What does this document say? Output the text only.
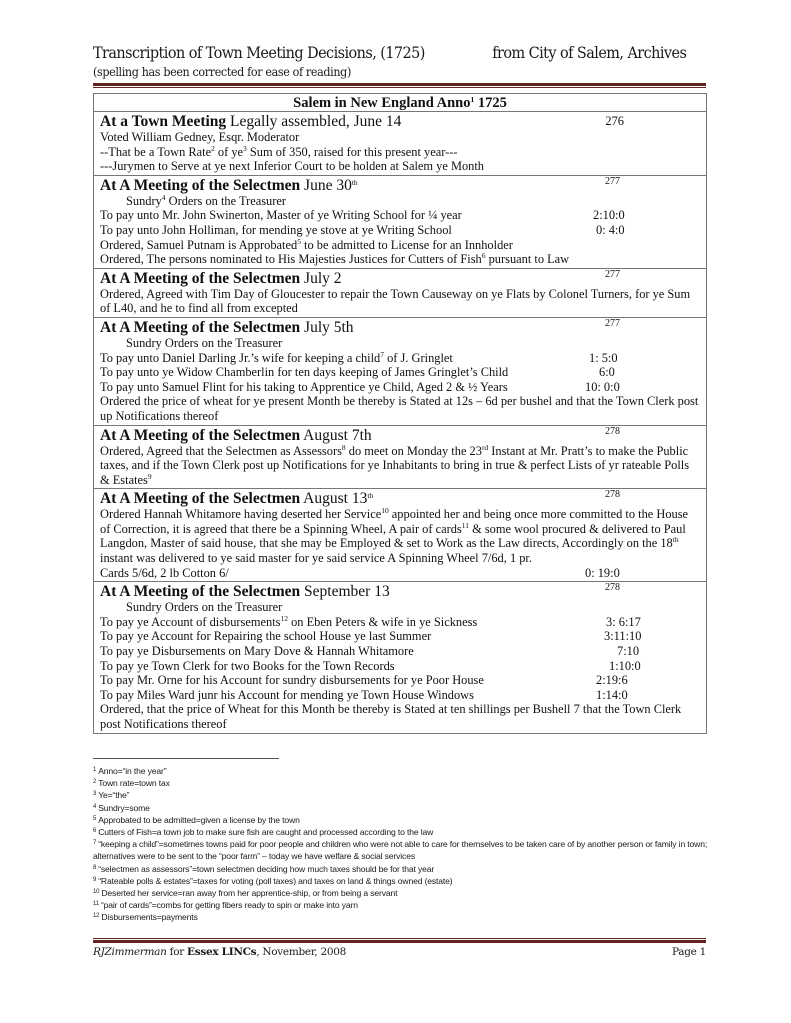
Transcription of Town Meeting Decisions, (1725)	from City of Salem, Archives
(spelling has been corrected for ease of reading)
Salem in New England Anno$^1$ 1725
At a Town Meeting Legally assembled, June 14	276
Voted William Gedney, Esqr. Moderator
--That be a Town Rate$^2$ of $ye^3$ Sum of 350, raised for this present year---
---Jurymen to Serve at ye next Inferior Court to be holden at Salem ye Month
At A Meeting of the Selectmen June 30th	277
Sundry$^4$ Orders on the Treasurer
To pay unto Mr. John Swinerton, Master of ye Writing School for ¼ year	2:10:0
To pay unto John Holliman, for mending ye stove at ye Writing School	0: 4:0
Ordered, Samuel Putnam is Approbated$^5$ to be admitted to License for an Innholder
Ordered, The persons nominated to His Majesties Justices for Cutters of Fish$^6$ pursuant to Law
At A Meeting of the Selectmen July 2	277
Ordered, Agreed with Tim Day of Gloucester to repair the Town Causeway on ye Flats by Colonel Turners, for ye Sum of L40, and he to find all from excepted
At A Meeting of the Selectmen July 5th	277
Sundry Orders on the Treasurer
To pay unto Daniel Darling Jr.’s wife for keeping a child$^7$ of J. Gringlet	1: 5:0
To pay unto ye Widow Chamberlin for ten days keeping of James Gringlet’s Child	6:0
To pay unto Samuel Flint for his taking to Apprentice ye Child, Aged 2 & ½ Years	10: 0:0
Ordered the price of wheat for ye present Month be thereby is Stated at 12s – 6d per bushel and that the Town Clerk post up Notifications thereof
At A Meeting of the Selectmen August 7th	278
Ordered, Agreed that the Selectmen as Assessors$^8$ do meet on Monday the 23rd Instant at Mr. Pratt’s to make the Public taxes, and if the Town Clerk post up Notifications for ye Inhabitants to bring in true & perfect Lists of yr rateable Polls & Estates$^9$
At A Meeting of the Selectmen August 13th	278
Ordered Hannah Whitamore having deserted her Service$^{10}$ appointed her and being once more committed to the House of Correction, it is agreed that there be a Spinning Wheel, A pair of cards$^{11}$ & some wool procured & delivered to Paul Langdon, Master of said house, that she may be Employed & set to Work as the Law directs, Accordingly on the 18th instant was delivered to ye said master for ye said service A Spinning Wheel 7/6d, 1 pr.
Cards 5/6d, 2 lb Cotton 6/	0: 19:0
At A Meeting of the Selectmen September 13	278
Sundry Orders on the Treasurer
To pay ye Account of disbursements$^{12}$ on Eben Peters & wife in ye Sickness	3: 6:17
To pay ye Account for Repairing the school House ye last Summer	3:11:10
To pay ye Disbursements on Mary Dove & Hannah Whitamore	7:10
To pay ye Town Clerk for two Books for the Town Records	1:10:0
To pay Mr. Orne for his Account for sundry disbursements for ye Poor House	2:19:6
To pay Miles Ward junr his Account for mending ye Town House Windows	1:14:0
Ordered, that the price of Wheat for this Month be thereby is Stated at ten shillings per Bushell 7 that the Town Clerk post Notifications thereof
$^1$ Anno=“in the year”
$^2$ Town rate=town tax
$^3$ Ye=“the”
$^4$ Sundry=some
$^5$ Approbated to be admitted=given a license by the town
$^6$ Cutters of Fish=a town job to make sure fish are caught and processed according to the law
$^7$ “keeping a child”=sometimes towns paid for poor people and children who were not able to care for themselves to be taken care of by another person or family in town; alternatives were to be sent to the “poor farm” – today we have welfare & social services
$^8$ “selectmen as assessors”=town selectmen deciding how much taxes should be for that year
$^9$ “Rateable polls & estates”=taxes for voting (poll taxes) and taxes on land & things owned (estate)
$^{10}$ Deserted her service=ran away from her apprentice-ship, or from being a servant
$^{11}$ “pair of cards”=combs for getting fibers ready to spin or make into yarn
$^{12}$ Disbursements=payments
RJZimmerman for Essex LINCs, November, 2008	Page 1
